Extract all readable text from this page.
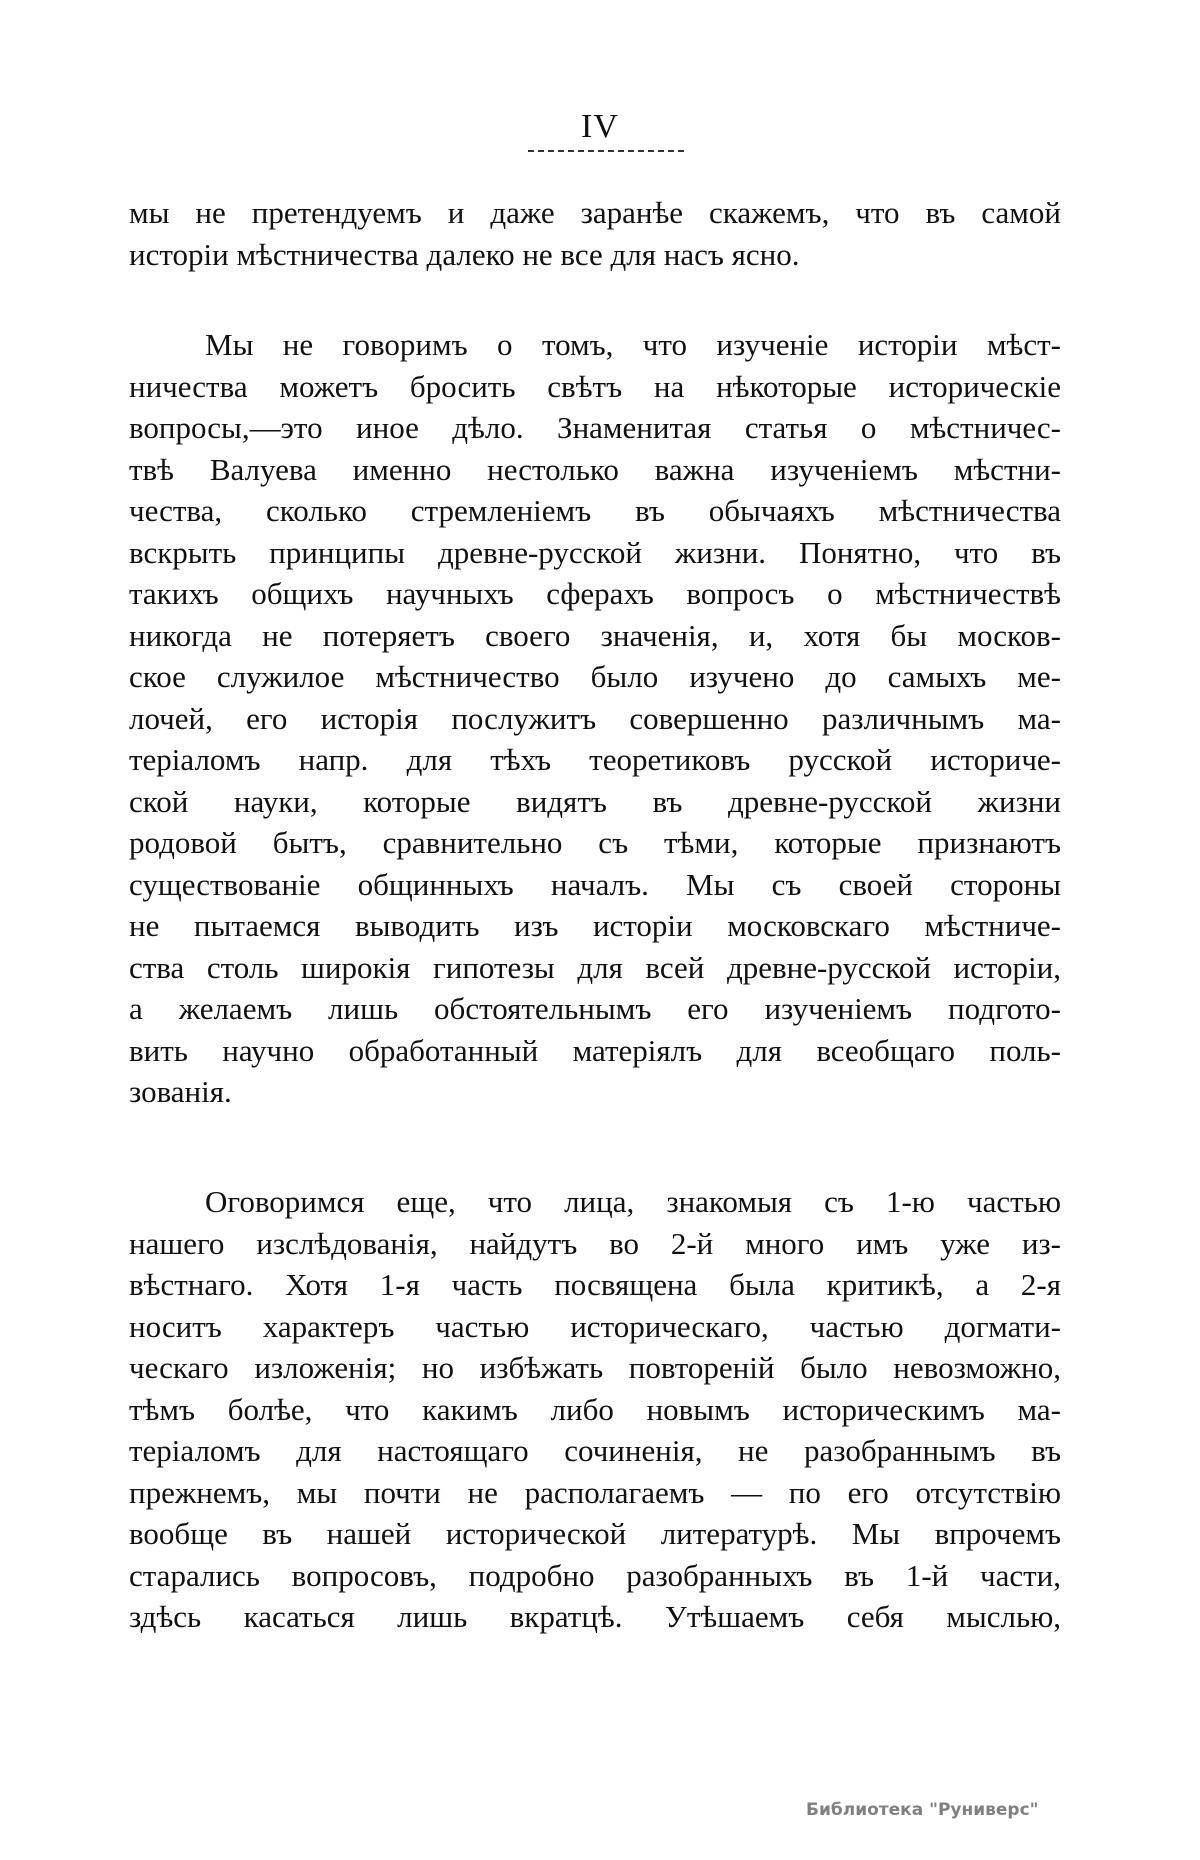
IV
мы не претендуемъ и даже заранѣе скажемъ, что въ самой
исторіи мѣстничества далеко не все для насъ ясно.
Мы не говоримъ о томъ, что изученіе исторіи мѣст-
ничества можетъ бросить свѣтъ на нѣкоторые историческіе
вопросы,—это иное дѣло. Знаменитая статья о мѣстничес-
твѣ Валуева именно нестолько важна изученіемъ мѣстни-
чества, сколько стремленіемъ въ обычаяхъ мѣстничества
вскрыть принципы древне-русской жизни. Понятно, что въ
такихъ общихъ научныхъ сферахъ вопросъ о мѣстничествѣ
никогда не потеряетъ своего значенія, и, хотя бы москов-
ское служилое мѣстничество было изучено до самыхъ ме-
лочей, его исторія послужитъ совершенно различнымъ ма-
теріаломъ напр. для тѣхъ теоретиковъ русской историче-
ской науки, которые видятъ въ древне-русской жизни
родовой бытъ, сравнительно съ тѣми, которые признаютъ
существованіе общинныхъ началъ. Мы съ своей стороны
не пытаемся выводить изъ исторіи московскаго мѣстниче-
ства столь широкія гипотезы для всей древне-русской исторіи,
а желаемъ лишь обстоятельнымъ его изученіемъ подгото-
вить научно обработанный матеріялъ для всеобщаго поль-
зованія.
Оговоримся еще, что лица, знакомыя съ 1-ю частью
нашего изслѣдованія, найдутъ во 2-й много имъ уже из-
вѣстнаго. Хотя 1-я часть посвящена была критикѣ, а 2-я
носитъ характеръ частью историческаго, частью догмати-
ческаго изложенія; но избѣжать повтореній было невозможно,
тѣмъ болѣе, что какимъ либо новымъ историческимъ ма-
теріаломъ для настоящаго сочиненія, не разобраннымъ въ
прежнемъ, мы почти не располагаемъ — по его отсутствію
вообще въ нашей исторической литературѣ. Мы впрочемъ
старались вопросовъ, подробно разобранныхъ въ 1-й части,
здѣсь касаться лишь вкратцѣ. Утѣшаемъ себя мыслью,
Библиотека "Руниверс"
